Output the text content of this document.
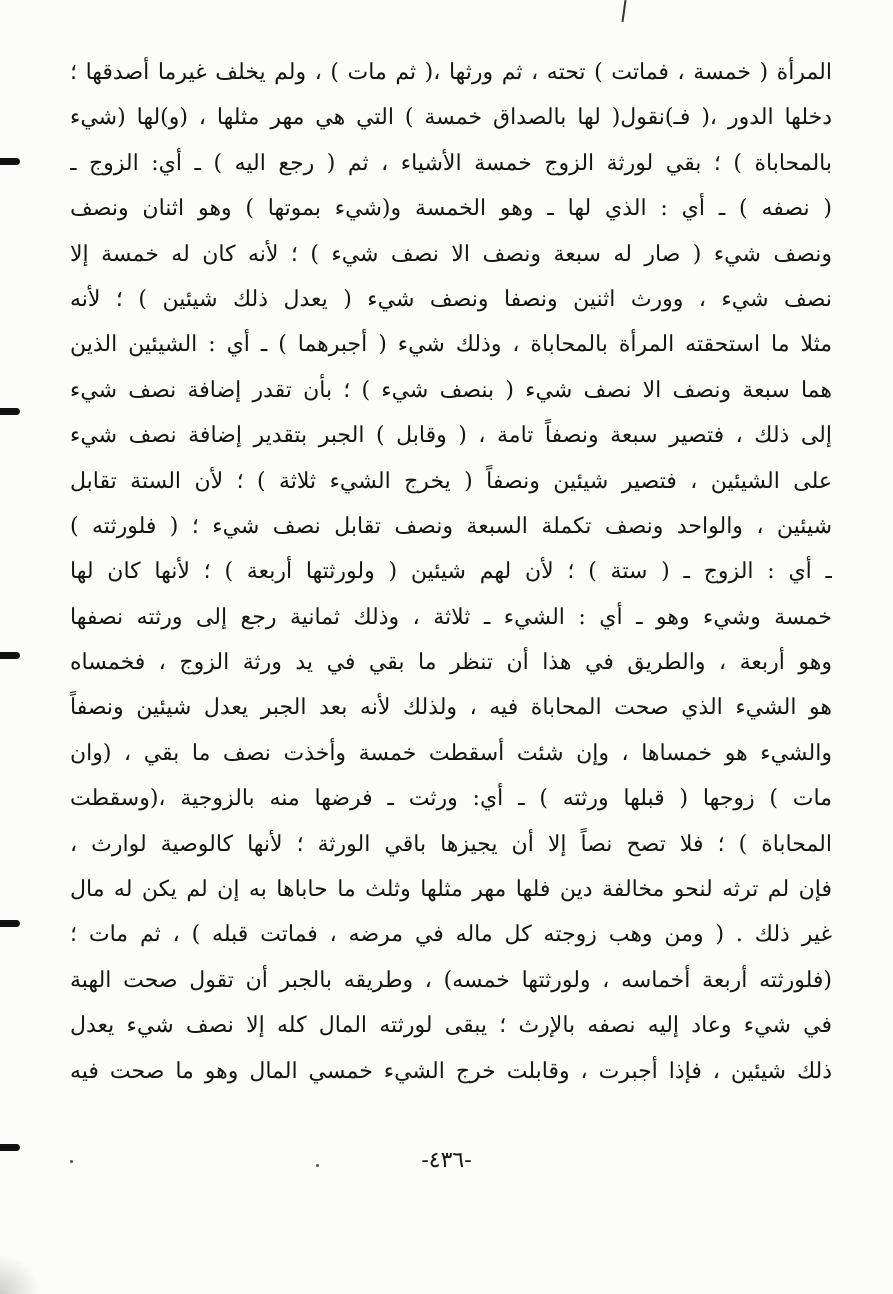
المرأة ( خمسة ، فماتت ) تحته ، ثم ورثها ،( ثم مات ) ، ولم يخلف غيرما أصدقها ؛
دخلها الدور ،( فـ)نقول( لها بالصداق خمسة ) التي هي مهر مثلها ، (و)لها (شيء
بالمحاباة ) ؛ بقي لورثة الزوج خمسة الأشياء ، ثم ( رجع اليه ) ـ أي: الزوج ـ
( نصفه ) ـ أي : الذي لها ـ وهو الخمسة و(شيء بموتها ) وهو اثنان ونصف
ونصف شيء ( صار له سبعة ونصف الا نصف شيء ) ؛ لأنه كان له خمسة إلا
نصف شيء ، وورث اثنين ونصفا ونصف شيء ( يعدل ذلك شيئين ) ؛ لأنه
مثلا ما استحقته المرأة بالمحاباة ، وذلك شيء ( أجبرهما ) ـ أي : الشيئين الذين
هما سبعة ونصف الا نصف شيء ( بنصف شيء ) ؛ بأن تقدر إضافة نصف شيء
إلى ذلك ، فتصير سبعة ونصفاً تامة ، ( وقابل ) الجبر بتقدير إضافة نصف شيء
على الشيئين ، فتصير شيئين ونصفاً ( يخرج الشيء ثلاثة ) ؛ لأن الستة تقابل
شيئين ، والواحد ونصف تكملة السبعة ونصف تقابل نصف شيء ؛ ( فلورثته )
ـ أي : الزوج ـ ( ستة ) ؛ لأن لهم شيئين ( ولورثتها أربعة ) ؛ لأنها كان لها
خمسة وشيء وهو ـ أي : الشيء ـ ثلاثة ، وذلك ثمانية رجع إلى ورثته نصفها
وهو أربعة ، والطريق في هذا أن تنظر ما بقي في يد ورثة الزوج ، فخمساه
هو الشيء الذي صحت المحاباة فيه ، ولذلك لأنه بعد الجبر يعدل شيئين ونصفاً
والشيء هو خمساها ، وإن شئت أسقطت خمسة وأخذت نصف ما بقي ، (وان
مات ) زوجها ( قبلها ورثته ) ـ أي: ورثت ـ فرضها منه بالزوجية ،(وسقطت
المحاباة ) ؛ فلا تصح نصاً إلا أن يجيزها باقي الورثة ؛ لأنها كالوصية لوارث ،
فإن لم ترثه لنحو مخالفة دين فلها مهر مثلها وثلث ما حاباها به إن لم يكن له مال
غير ذلك . ( ومن وهب زوجته كل ماله في مرضه ، فماتت قبله ) ، ثم مات ؛
(فلورثته أربعة أخماسه ، ولورثتها خمسه) ، وطريقه بالجبر أن تقول صحت الهبة
في شيء وعاد إليه نصفه بالإرث ؛ يبقى لورثته المال كله إلا نصف شيء يعدل
ذلك شيئين ، فإذا أجبرت ، وقابلت خرج الشيء خمسي المال وهو ما صحت فيه
-٤٣٦-
